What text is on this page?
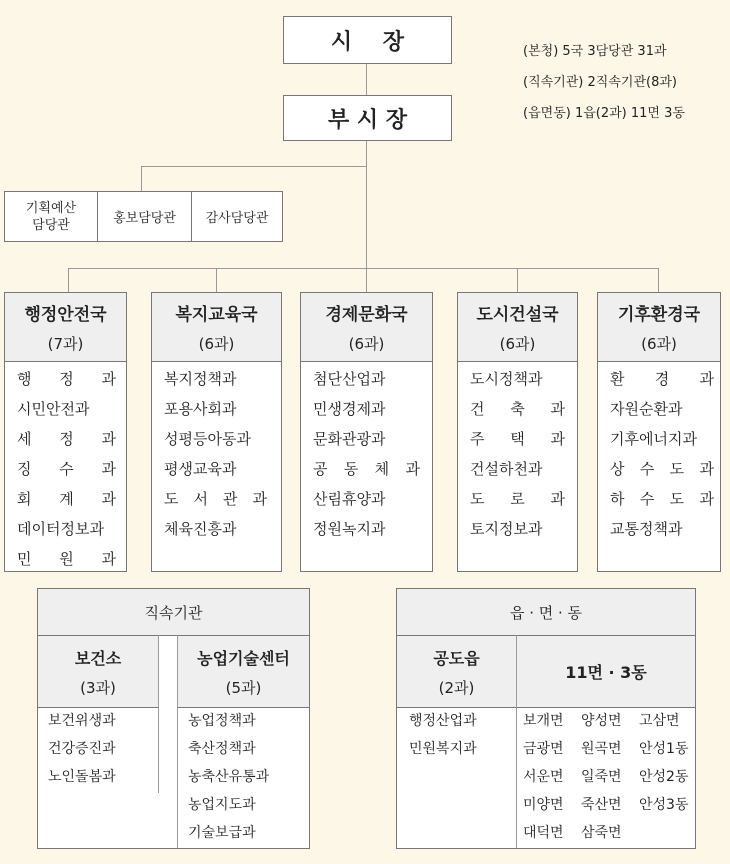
시    장
부 시 장
(본청) 5국 3담당관 31과
(직속기관) 2직속기관(8과)
(읍면동) 1읍(2과) 11면 3동
기획예산
담당관	홍보담당관 감사담당관
행정안전국
(7과)
행 정 과
시민안전과
세 정 과
징 수 과
회 계 과
데이터정보과
민 원 과
복지교육국
(6과)
복지정책과
포용사회과
성평등아동과
평생교육과
도 서 관 과
체육진흥과
경제문화국
(6과)
첨단산업과
민생경제과
문화관광과
공 동 체 과
산림휴양과
정원녹지과
도시건설국
(6과)
도시정책과
건 축 과
주 택 과
건설하천과
도 로 과
토지정보과
기후환경국
(6과)
환 경 과
자원순환과
기후에너지과
상 수 도 과
하 수 도 과
교통정책과
직속기관
보건소
(3과)
보건위생과
건강증진과
노인돌봄과
농업기술센터
(5과)
농업정책과
축산정책과
농축산유통과
농업지도과
기술보급과
읍 · 면 · 동
공도읍
(2과)
행정산업과
민원복지과
11면 · 3동
보개면	양성면	고삼면
금광면	원곡면	안성1동
서운면	일죽면	안성2동
미양면	죽산면	안성3동
대덕면	삼죽면
